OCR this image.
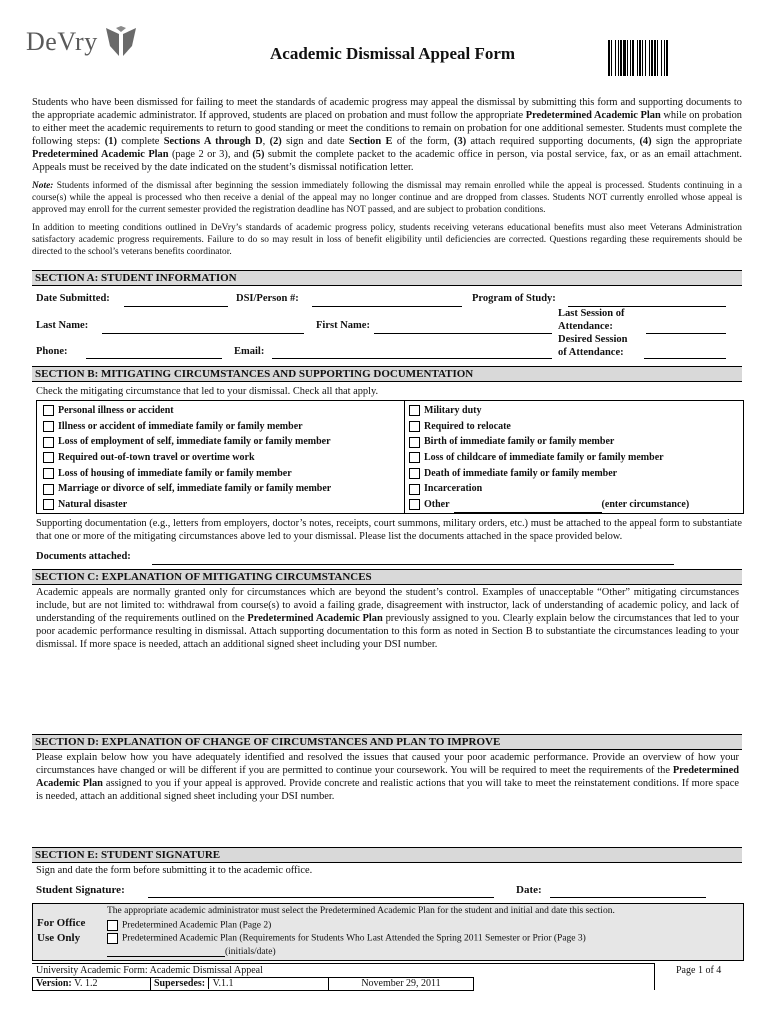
DeVry	Academic Dismissal Appeal Form

Students who have been dismissed for failing to meet the standards of academic progress may appeal the dismissal by submitting this form and supporting documents to the appropriate academic administrator. If approved, students are placed on probation and must follow the appropriate Predetermined Academic Plan while on probation to either meet the academic requirements to return to good standing or meet the conditions to remain on probation for one additional semester. Students must complete the following steps: (1) complete Sections A through D, (2) sign and date Section E of the form, (3) attach required supporting documents, (4) sign the appropriate Predetermined Academic Plan (page 2 or 3), and (5) submit the complete packet to the academic office in person, via postal service, fax, or as an email attachment. Appeals must be received by the date indicated on the student’s dismissal notification letter.

Note: Students informed of the dismissal after beginning the session immediately following the dismissal may remain enrolled while the appeal is processed. Students continuing in a course(s) while the appeal is processed who then receive a denial of the appeal may no longer continue and are dropped from classes. Students NOT currently enrolled whose appeal is approved may enroll for the current semester provided the registration deadline has NOT passed, and are subject to probation conditions.

In addition to meeting conditions outlined in DeVry’s standards of academic progress policy, students receiving veterans educational benefits must also meet Veterans Administration satisfactory academic progress requirements. Failure to do so may result in loss of benefit eligibility until deficiencies are corrected. Questions regarding these requirements should be directed to the school’s veterans benefits coordinator.

SECTION A: STUDENT INFORMATION
Date Submitted:	DSI/Person #:	Program of Study:
Last Name:	First Name:
Last Session of
Attendance:
Phone:	Email:
Desired Session
of Attendance:
SECTION B: MITIGATING CIRCUMSTANCES AND SUPPORTING DOCUMENTATION
Check the mitigating circumstance that led to your dismissal. Check all that apply.
Personal illness or accident
Illness or accident of immediate family or family member
Loss of employment of self, immediate family or family member
Required out-of-town travel or overtime work
Loss of housing of immediate family or family member
Marriage or divorce of self, immediate family or family member
Natural disaster
Military duty
Required to relocate
Birth of immediate family or family member
Loss of childcare of immediate family or family member
Death of immediate family or family member
Incarceration
Other	(enter circumstance)
Supporting documentation (e.g., letters from employers, doctor’s notes, receipts, court summons, military orders, etc.) must be attached to the appeal form to substantiate that one or more of the mitigating circumstances above led to your dismissal. Please list the documents attached in the space provided below.
Documents attached:
SECTION C: EXPLANATION OF MITIGATING CIRCUMSTANCES
Academic appeals are normally granted only for circumstances which are beyond the student’s control. Examples of unacceptable “Other” mitigating circumstances include, but are not limited to: withdrawal from course(s) to avoid a failing grade, disagreement with instructor, lack of understanding of academic policy, and lack of understanding of the requirements outlined on the Predetermined Academic Plan previously assigned to you. Clearly explain below the circumstances that led to your poor academic performance resulting in dismissal. Attach supporting documentation to this form as noted in Section B to substantiate the circumstances leading to your dismissal. If more space is needed, attach an additional signed sheet including your DSI number.
SECTION D: EXPLANATION OF CHANGE OF CIRCUMSTANCES AND PLAN TO IMPROVE
Please explain below how you have adequately identified and resolved the issues that caused your poor academic performance. Provide an overview of how your circumstances have changed or will be different if you are permitted to continue your coursework. You will be required to meet the requirements of the Predetermined Academic Plan assigned to you if your appeal is approved. Provide concrete and realistic actions that you will take to meet the reinstatement conditions. If more space is needed, attach an additional signed sheet including your DSI number.
SECTION E: STUDENT SIGNATURE
Sign and date the form before submitting it to the academic office.
Student Signature:	Date:
For Office
Use Only
The appropriate academic administrator must select the Predetermined Academic Plan for the student and initial and date this section.
Predetermined Academic Plan (Page 2)
Predetermined Academic Plan (Requirements for Students Who Last Attended the Spring 2011 Semester or Prior (Page 3)
(initials/date)
University Academic Form: Academic Dismissal Appeal	Page 1 of 4
Version: V. 1.2	Supersedes: V.1.1	November 29, 2011
